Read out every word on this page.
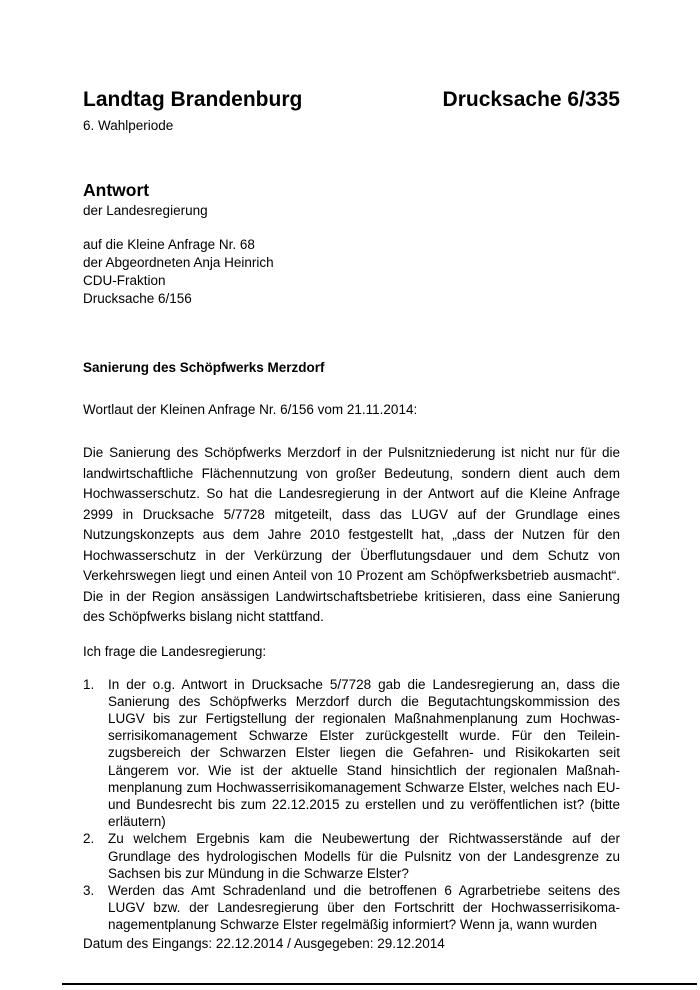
Landtag Brandenburg	Drucksache 6/335
6. Wahlperiode
Antwort
der Landesregierung
auf die Kleine Anfrage Nr. 68
der Abgeordneten Anja Heinrich
CDU-Fraktion
Drucksache 6/156
Sanierung des Schöpfwerks Merzdorf
Wortlaut der Kleinen Anfrage Nr. 6/156 vom 21.11.2014:
Die Sanierung des Schöpfwerks Merzdorf in der Pulsnitzniederung ist nicht nur für die landwirtschaftliche Flächennutzung von großer Bedeutung, sondern dient auch dem Hochwasserschutz. So hat die Landesregierung in der Antwort auf die Kleine Anfrage 2999 in Drucksache 5/7728 mitgeteilt, dass das LUGV auf der Grundlage eines Nutzungskonzepts aus dem Jahre 2010 festgestellt hat, „dass der Nutzen für den Hochwasserschutz in der Verkürzung der Überflutungsdauer und dem Schutz von Verkehrswegen liegt und einen Anteil von 10 Prozent am Schöpfwerksbetrieb ausmacht“. Die in der Region ansässigen Landwirtschaftsbetriebe kritisieren, dass eine Sanierung des Schöpfwerks bislang nicht stattfand.
Ich frage die Landesregierung:
1. In der o.g. Antwort in Drucksache 5/7728 gab die Landesregierung an, dass die Sanierung des Schöpfwerks Merzdorf durch die Begutachtungskommission des LUGV bis zur Fertigstellung der regionalen Maßnahmenplanung zum Hochwasserrisikomanagement Schwarze Elster zurückgestellt wurde. Für den Teileinzugsbereich der Schwarzen Elster liegen die Gefahren- und Risikokarten seit Längerem vor. Wie ist der aktuelle Stand hinsichtlich der regionalen Maßnahmenplanung zum Hochwasserrisikomanagement Schwarze Elster, welches nach EU- und Bundesrecht bis zum 22.12.2015 zu erstellen und zu veröffentlichen ist? (bitte erläutern)
2. Zu welchem Ergebnis kam die Neubewertung der Richtwasserstände auf der Grundlage des hydrologischen Modells für die Pulsnitz von der Landesgrenze zu Sachsen bis zur Mündung in die Schwarze Elster?
3. Werden das Amt Schradenland und die betroffenen 6 Agrarbetriebe seitens des LUGV bzw. der Landesregierung über den Fortschritt der Hochwasserrisikomanagementplanung Schwarze Elster regelmäßig informiert? Wenn ja, wann wurden
Datum des Eingangs: 22.12.2014 / Ausgegeben: 29.12.2014
